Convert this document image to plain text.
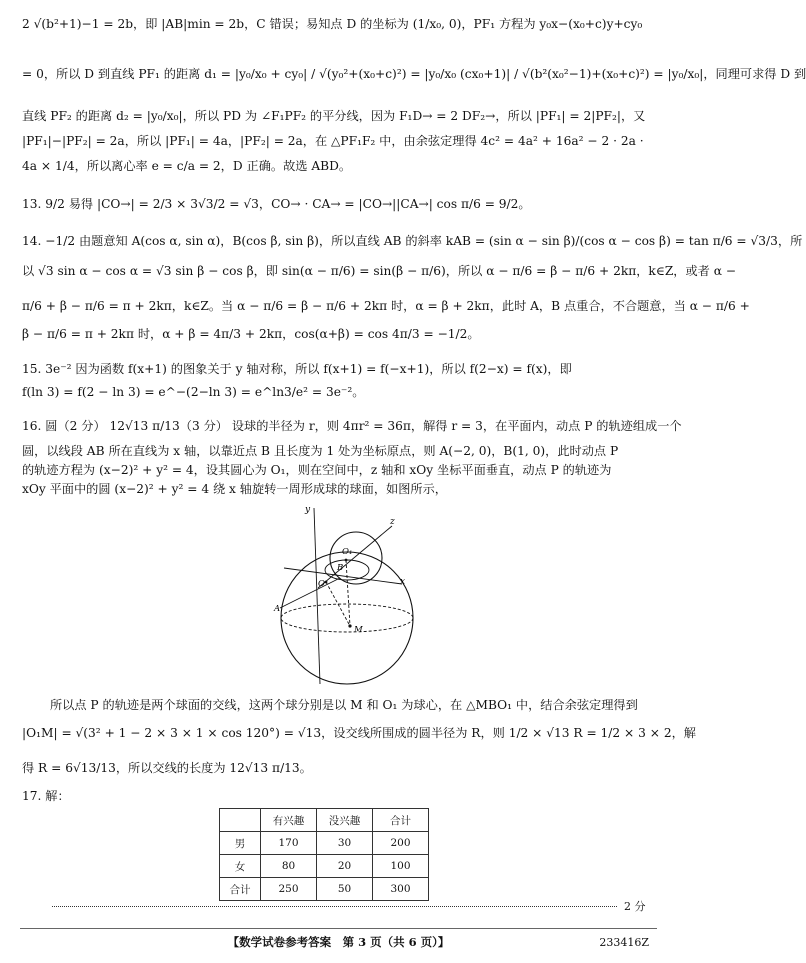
2 √(b²+1)−1 = 2b，即 |AB|min = 2b，C 错误；易知点 D 的坐标为 (1/x₀, 0)，PF₁ 方程为 y₀x−(x₀+c)y+cy₀
= 0，所以 D 到直线 PF₁ 的距离 d₁ = |y₀/x₀ + cy₀| / √(y₀²+(x₀+c)²) = |y₀/x₀ (cx₀+1)| / √(b²(x₀²−1)+(x₀+c)²) = |y₀/x₀|，同理可求得 D 到
直线 PF₂ 的距离 d₂ = |y₀/x₀|，所以 PD 为 ∠F₁PF₂ 的平分线，因为 F₁D→ = 2 DF₂→，所以 |PF₁| = 2|PF₂|，又
|PF₁|−|PF₂| = 2a，所以 |PF₁| = 4a，|PF₂| = 2a，在 △PF₁F₂ 中，由余弦定理得 4c² = 4a² + 16a² − 2 · 2a ·
4a × 1/4，所以离心率 e = c/a = 2，D 正确。故选 ABD。
13. 9/2 易得 |CO→| = 2/3 × 3√3/2 = √3，CO→ · CA→ = |CO→||CA→| cos π/6 = 9/2。
14. −1/2 由题意知 A(cos α, sin α)，B(cos β, sin β)，所以直线 AB 的斜率 kAB = (sin α − sin β)/(cos α − cos β) = tan π/6 = √3/3，所
以 √3 sin α − cos α = √3 sin β − cos β，即 sin(α − π/6) = sin(β − π/6)，所以 α − π/6 = β − π/6 + 2kπ，k∈Z，或者 α −
π/6 + β − π/6 = π + 2kπ，k∈Z。当 α − π/6 = β − π/6 + 2kπ 时，α = β + 2kπ，此时 A，B 点重合，不合题意，当 α − π/6 +
β − π/6 = π + 2kπ 时，α + β = 4π/3 + 2kπ，cos(α+β) = cos 4π/3 = −1/2。
15. 3e⁻² 因为函数 f(x+1) 的图象关于 y 轴对称，所以 f(x+1) = f(−x+1)，所以 f(2−x) = f(x)，即
f(ln 3) = f(2 − ln 3) = e^−(2−ln 3) = e^ln3/e² = 3e⁻²。
16. 圆（2 分） 12√13 π/13（3 分） 设球的半径为 r，则 4πr² = 36π，解得 r = 3，在平面内，动点 P 的轨迹组成一个
圆，以线段 AB 所在直线为 x 轴，以靠近点 B 且长度为 1 处为坐标原点，则 A(−2, 0)，B(1, 0)，此时动点 P
的轨迹方程为 (x−2)² + y² = 4，设其圆心为 O₁，则在空间中，z 轴和 xOy 坐标平面垂直，动点 P 的轨迹为
xOy 平面中的圆 (x−2)² + y² = 4 绕 x 轴旋转一周形成球的球面，如图所示，
y
z
x
O₁
B
O
A
M
所以点 P 的轨迹是两个球面的交线，这两个球分别是以 M 和 O₁ 为球心，在 △MBO₁ 中，结合余弦定理得到
|O₁M| = √(3² + 1 − 2 × 3 × 1 × cos 120°) = √13，设交线所围成的圆半径为 R，则 1/2 × √13 R = 1/2 × 3 × 2，解
得 R = 6√13/13，所以交线的长度为 12√13 π/13。
17. 解：
	有兴趣	没兴趣	合计
男	170	30	200
女	80	20	100
合计	250	50	300
2 分
【数学试卷参考答案　第 3 页（共 6 页）】	233416Z
